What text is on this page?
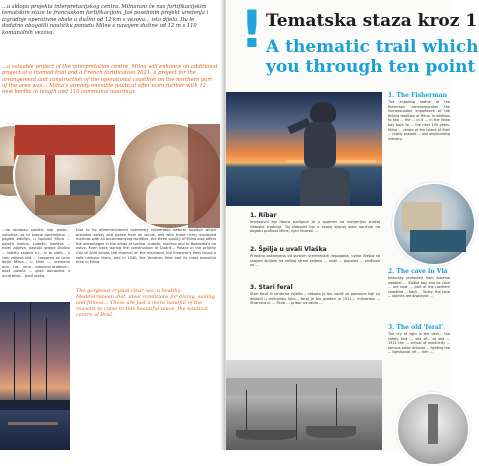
...u sklopu projekta interpretacijskog centra. Milnarani če nas fortifikacijskim tematskim staze te francuskom fortifikacijom. Još posebnim projekt uredenja i izgradnje operativne obale u dužini od 12 km s vezova... ista dijela. Itu le dodatno obogatili nautičku ponudu Milne s navojem dužine od 12 m s 110 komunalnih vezova.

...a valuable project of the interpretation centre, Milna will enhance an additional project of a themed trail and a French fortification 2021, a project for the arrangement and construction of the operational coastline on the northern part of the area was... Milna's already enviable nautical offer even further with 12 new berths in length and 110 communal moorings.

...do obilasku palača, koji preko... udruživa, za tri kupno opremljena ... pogled odličan, u ispilosti Milna ... palača Ivelina, Ludoše, Ivačeva ... hotel zaljeva, nastaju grakje Dudića ... ležištu zaljeva tu... Iz to slatk... u ratu zaljeva bliš ... raspored se izme dolje Milna... u Milni ... vremena ono... tra... uma... odnosno brodova... pilaš palača ... grad domovina u unutrašnji... grad otoka.

Due to its aforementioned extremely favourable natural location which provides safety and peace from all winds, and with three richly equipped marinas with all accompanying facilities, the three quality of Milna also offers the advantages in the areas of Ivelina, Ludoše, Ivačevo and to Bokovitla's na ostvo. Even back during the construction of Dudrič... Palace in the priority City of Split across the channel on the mainland, the Emperor's fleet found a safe harbour there, and in 1540, the Venetian fleet had its most beautiful time in Milna.

The gorgeous crystal clear sea, a healthy Mediterranean diet, ideal conditions for diving, sailing and fitness... These are just a mere handful of the reasons to come to this beautiful place, the nautical centre of Brač.

! Tematska staza kroz 1
A thematic trail which
you through ten point

1. Ribar

Impresivni kip ribara podignut je u spomen na nemjerljivi značaj ribarske tradicije. Taj slobodni kip u svojoj sjajnoj slavi upućuje na bogatu prošlost Milne, njen ribarski ...

2. Špilja u uvali Vlaška

Prirodno zaklonjena od surovih vremenskih nepogoda, uvala Vlaška sa svojom špiljom na velikoj strani zaljeva ... uvali ... popolan ... prošlosti za ...

3. Stari feral

Stari feral ili lanterna svjetlo... nekada je bio vodič za pomorce koji su dolazili u milnarsku luku... feral je bio građen je 1911... milnarsko ... Strarnica d. ... Feral ... pribor na ostvo ...

1. The Fisherman

The imposing statue of the fisherman commemorates the immeasurable importance of the fishing tradition of Milna. In addition to sea ... the ... in it ... in the Milna bay back to ... the next 100 years. Milna ... centre of the island of Brač ... highly praised ... and shipbuilding industry.

2. The cave in Vla

Naturally protected from adverse weather ... Vlaška bay and its cave ... are near ... part of the northern coastline ... back ... Today, the cave ... objects are displayed ...

3. The old 'feral'

The cry of light is the dark... the safety and ... sea of... at sea ... 1911 the ... arrival of electricity ... famous sailor Antonio ... lighting the ... lighthouse, let ... hith ...
